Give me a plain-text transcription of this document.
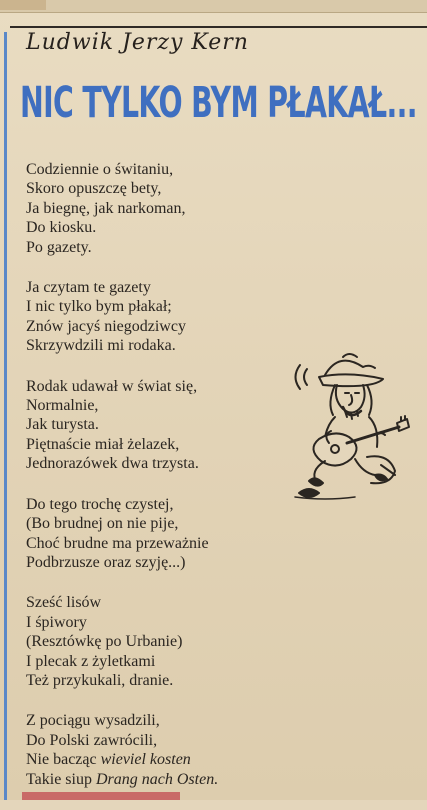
Ludwik Jerzy Kern
NIC TYLKO BYM PŁAKAŁ...
Codziennie o świtaniu,
Skoro opuszczę bety,
Ja biegnę, jak narkoman,
Do kiosku.
Po gazety.
Ja czytam te gazety
I nic tylko bym płakał;
Znów jacyś niegodziwcy
Skrzywdzili mi rodaka.
Rodak udawał w świat się,
Normalnie,
Jak turysta.
Piętnaście miał żelazek,
Jednorazówek dwa trzysta.
Do tego trochę czystej,
(Bo brudnej on nie pije,
Choć brudne ma przeważnie
Podbrzusze oraz szyję...)
Sześć lisów
I śpiwory
(Resztówkę po Urbanie)
I plecak z żyletkami
Też przykukali, dranie.
Z pociągu wysadzili,
Do Polski zawrócili,
Nie bacząc wieviel kosten
Takie siup Drang nach Osten.
